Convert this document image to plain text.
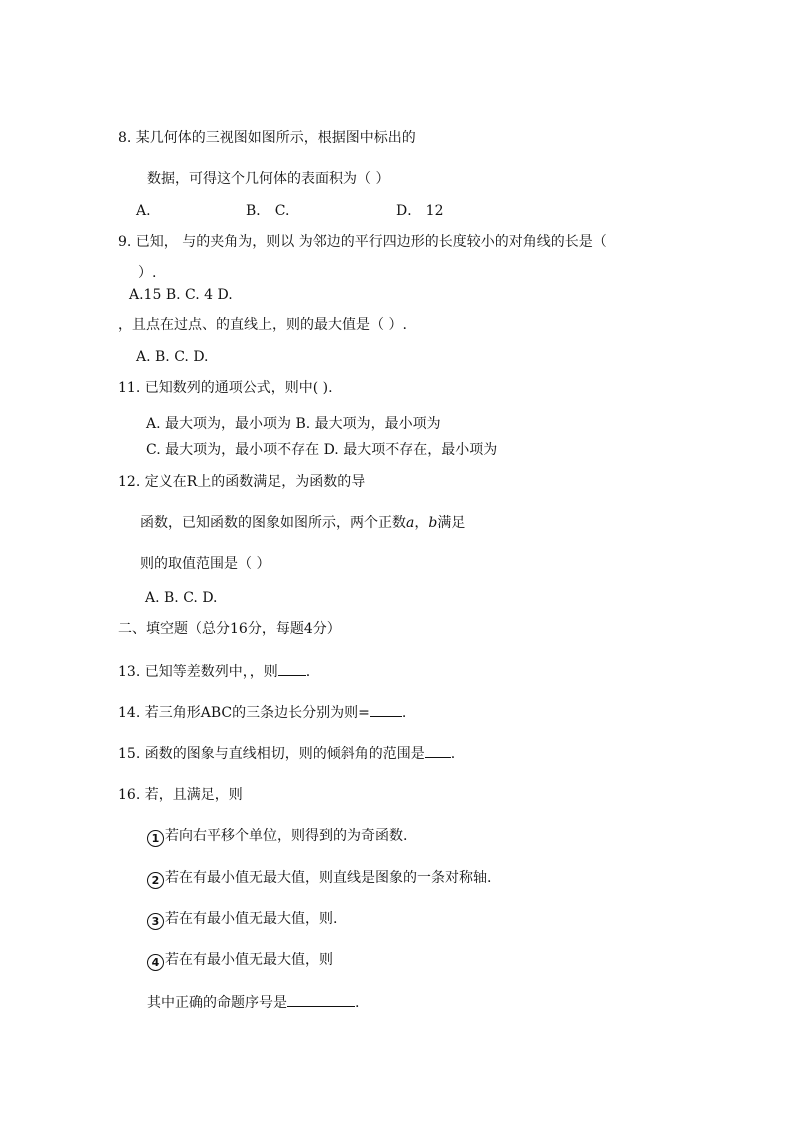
8. 某几何体的三视图如图所示，根据图中标出的
数据，可得这个几何体的表面积为（ ）
A.	B． C.	D． 12
9. 已知， 与的夹角为，则以 为邻边的平行四边形的长度较小的对角线的长是（
）.
A.15 B. C. 4 D.
，且点在过点、的直线上，则的最大值是（ ）.
A. B. C. D.
11. 已知数列的通项公式，则中( ).
A. 最大项为，最小项为 B. 最大项为，最小项为
C. 最大项为，最小项不存在 D. 最大项不存在，最小项为
12. 定义在R上的函数满足，为函数的导
函数，已知函数的图象如图所示，两个正数a，b满足
则的取值范围是（ ）
A. B. C. D.
二、填空题（总分16分，每题4分）
13. 已知等差数列中，，则 .
14. 若三角形ABC的三条边长分别为则= .
15. 函数的图象与直线相切，则的倾斜角的范围是 .
16. 若，且满足，则
1 若向右平移个单位，则得到的为奇函数.
2 若在有最小值无最大值，则直线是图象的一条对称轴.
3 若在有最小值无最大值，则.
4 若在有最小值无最大值，则
其中正确的命题序号是	.
